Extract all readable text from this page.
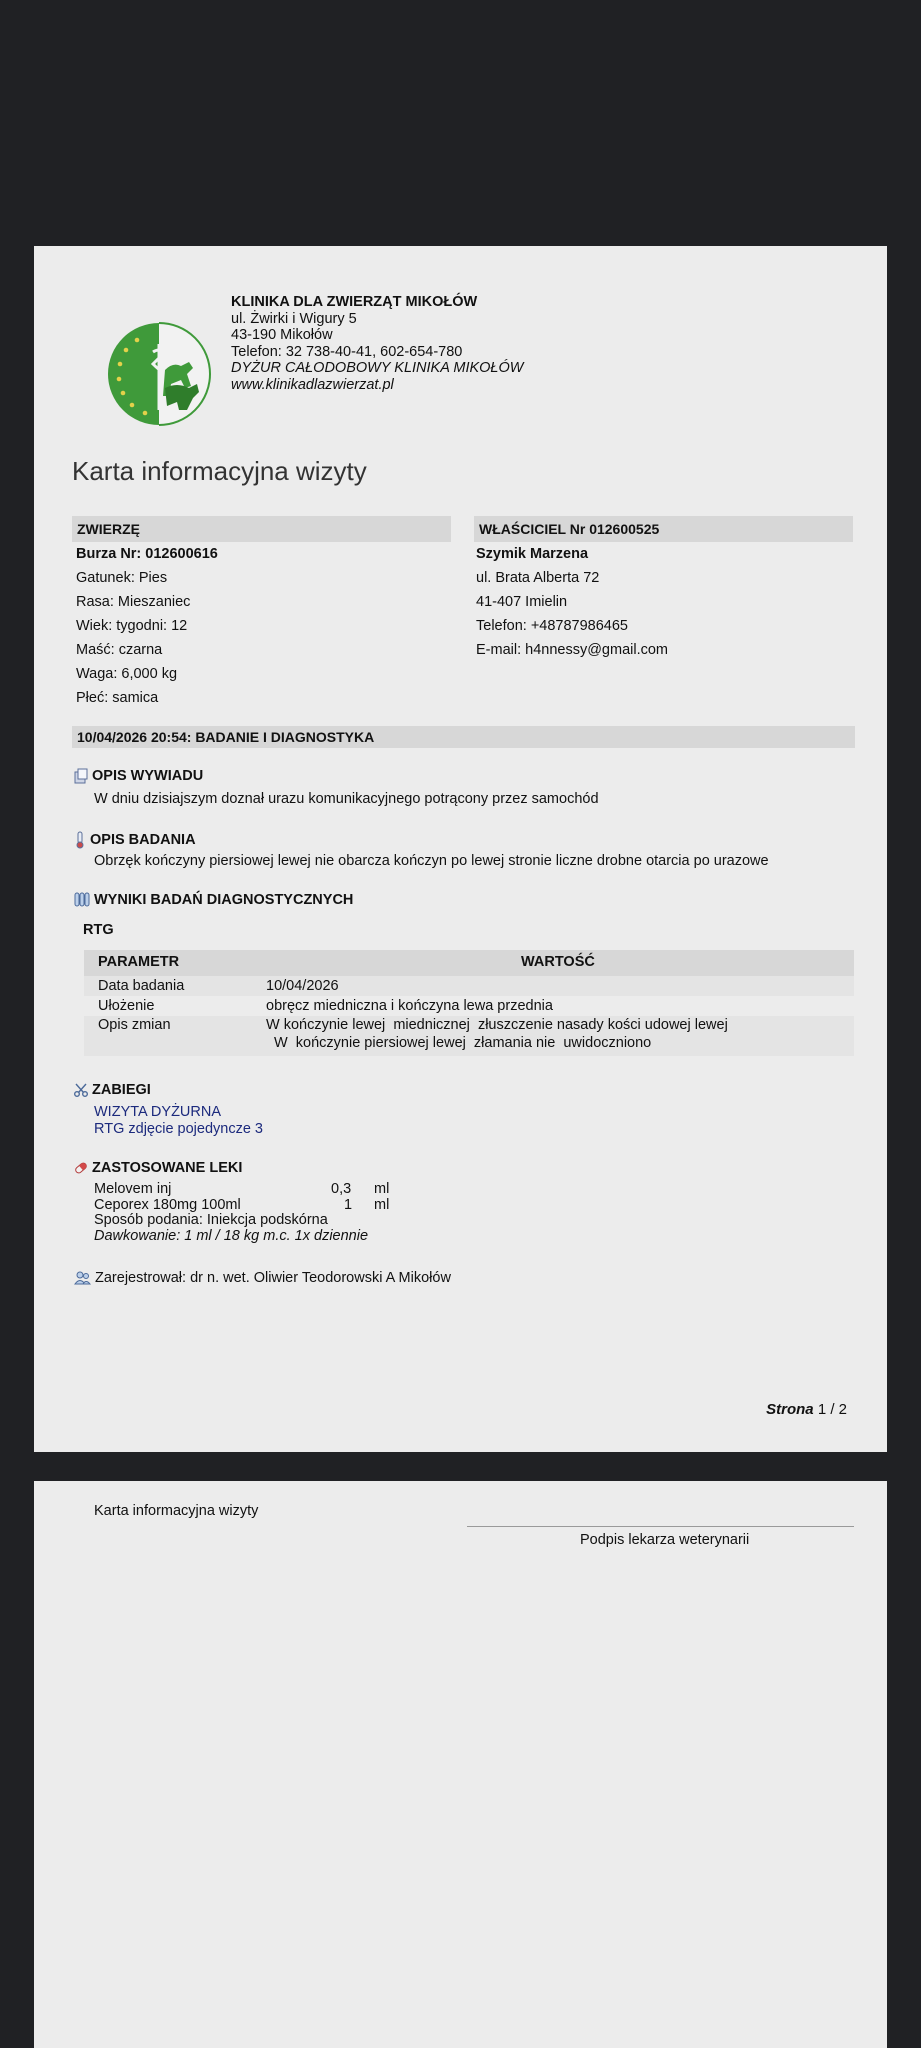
KLINIKA DLA ZWIERZĄT MIKOŁÓW
ul. Żwirki i Wigury 5
43-190 Mikołów
Telefon: 32 738-40-41, 602-654-780
DYŻUR CAŁODOBOWY KLINIKA MIKOŁÓW
www.klinikadlazwierzat.pl
Karta informacyjna wizyty
ZWIERZĘ	WŁAŚCICIEL Nr 012600525
Burza Nr: 012600616
Gatunek: Pies
Rasa: Mieszaniec
Wiek: tygodni: 12
Maść: czarna
Waga: 6,000 kg
Płeć: samica
Szymik Marzena
ul. Brata Alberta 72
41-407 Imielin
Telefon: +48787986465
E-mail: h4nnessy@gmail.com
10/04/2026 20:54: BADANIE I DIAGNOSTYKA
OPIS WYWIADU
W dniu dzisiajszym doznał urazu komunikacyjnego potrącony przez samochód
OPIS BADANIA
Obrzęk kończyny piersiowej lewej nie obarcza kończyn po lewej stronie liczne drobne otarcia po urazowe
WYNIKI BADAŃ DIAGNOSTYCZNYCH
RTG
PARAMETR	WARTOŚĆ
Data badania	10/04/2026
Ułożenie	obręcz miedniczna i kończyna lewa przednia
Opis zmian	W kończynie lewej  miednicznej  złuszczenie nasady kości udowej lewej
W  kończynie piersiowej lewej  złamania nie  uwidoczniono
ZABIEGI
WIZYTA DYŻURNA
RTG zdjęcie pojedyncze 3
ZASTOSOWANE LEKI
Melovem inj	0,3 ml
Ceporex 180mg 100ml	1 ml
Sposób podania: Iniekcja podskórna
Dawkowanie: 1 ml / 18 kg m.c. 1x dziennie
Zarejestrował: dr n. wet. Oliwier Teodorowski A Mikołów
Strona 1 / 2
Karta informacyjna wizyty
Podpis lekarza weterynarii
